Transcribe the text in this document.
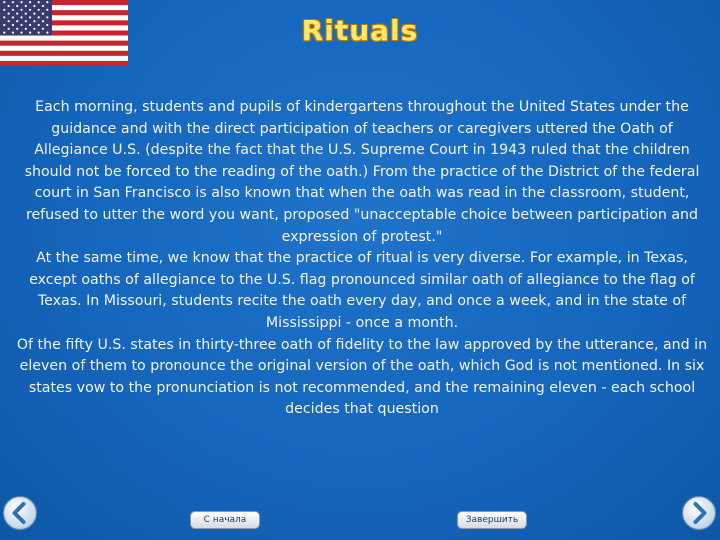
Rituals

Each morning, students and pupils of kindergartens throughout the United States under the guidance and with the direct participation of teachers or caregivers uttered the Oath of Allegiance U.S. (despite the fact that the U.S. Supreme Court in 1943 ruled that the children should not be forced to the reading of the oath.) From the practice of the District of the federal court in San Francisco is also known that when the oath was read in the classroom, student, refused to utter the word you want, proposed "unacceptable choice between participation and expression of protest."

At the same time, we know that the practice of ritual is very diverse. For example, in Texas, except oaths of allegiance to the U.S. flag pronounced similar oath of allegiance to the flag of Texas. In Missouri, students recite the oath every day, and once a week, and in the state of Mississippi - once a month.

Of the fifty U.S. states in thirty-three oath of fidelity to the law approved by the utterance, and in eleven of them to pronounce the original version of the oath, which God is not mentioned. In six states vow to the pronunciation is not recommended, and the remaining eleven - each school decides that question

С начала	Завершить
